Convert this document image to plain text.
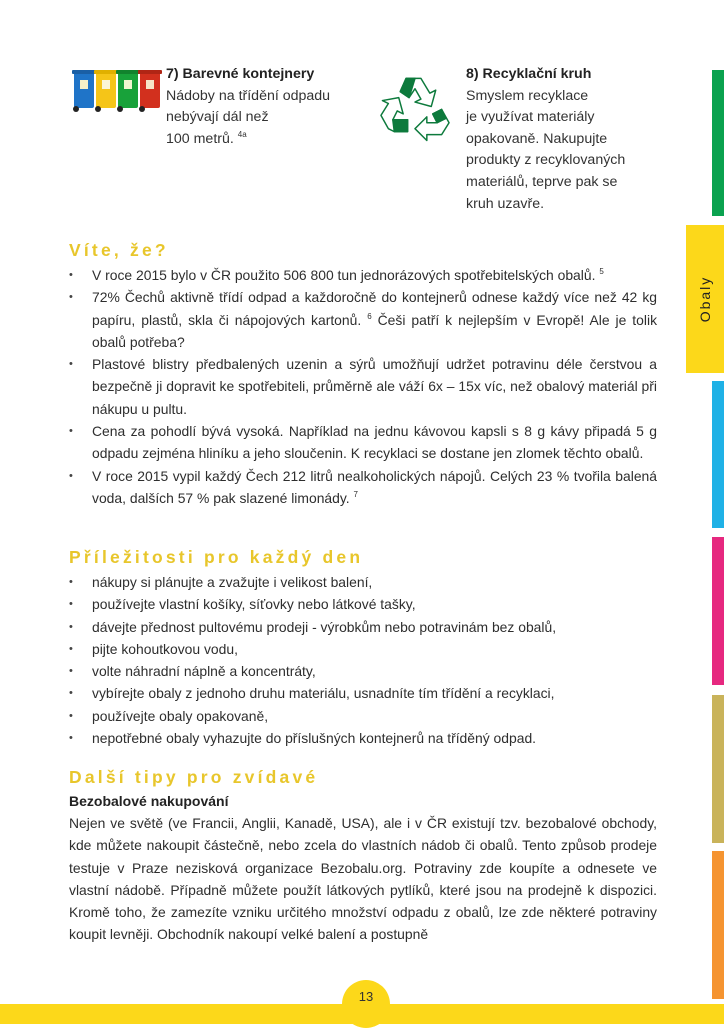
7) Barevné kontejnery
Nádoby na třídění odpadu
nebývají dál než
100 metrů. $^{4a}$
8) Recyklační kruh
Smyslem recyklace
je využívat materiály
opakovaně. Nakupujte
produkty z recyklovaných
materiálů, teprve pak se
kruh uzavře.
Víte, že?
• V roce 2015 bylo v ČR použito 506 800 tun jednorázových spotřebitelských obalů. $^5$
• 72% Čechů aktivně třídí odpad a každoročně do kontejnerů odnese každý více než 42 kg papíru, plastů, skla či nápojových kartonů. $^6$ Češi patří k nejlepším v Evropě! Ale je tolik obalů potřeba?
• Plastové blistry předbalených uzenin a sýrů umožňují udržet potravinu déle čerstvou a bezpečně ji dopravit ke spotřebiteli, průměrně ale váží 6x – 15x víc, než obalový materiál při nákupu u pultu.
• Cena za pohodlí bývá vysoká. Například na jednu kávovou kapsli s 8 g kávy připadá 5 g odpadu zejména hliníku a jeho sloučenin. K recyklaci se dostane jen zlomek těchto obalů.
• V roce 2015 vypil každý Čech 212 litrů nealkoholických nápojů. Celých 23 % tvořila balená voda, dalších 57 % pak slazené limonády. $^7$
Příležitosti pro každý den
• nákupy si plánujte a zvažujte i velikost balení,
• používejte vlastní košíky, síťovky nebo látkové tašky,
• dávejte přednost pultovému prodeji - výrobkům nebo potravinám bez obalů,
• pijte kohoutkovou vodu,
• volte náhradní náplně a koncentráty,
• vybírejte obaly z jednoho druhu materiálu, usnadníte tím třídění a recyklaci,
• používejte obaly opakovaně,
• nepotřebné obaly vyhazujte do příslušných kontejnerů na tříděný odpad.
Další tipy pro zvídavé
Bezobalové nakupování
Nejen ve světě (ve Francii, Anglii, Kanadě, USA), ale i v ČR existují tzv. bezobalové obchody, kde můžete nakoupit částečně, nebo zcela do vlastních nádob či obalů. Tento způsob prodeje testuje v Praze nezisková organizace Bezobalu.org. Potraviny zde koupíte a odnesete ve vlastní nádobě. Případně můžete použít látkových pytlíků, které jsou na prodejně k dispozici. Kromě toho, že zamezíte vzniku určitého množství odpadu z obalů, lze zde některé potraviny koupit levněji. Obchodník nakoupí velké balení a postupně
Obaly
13
